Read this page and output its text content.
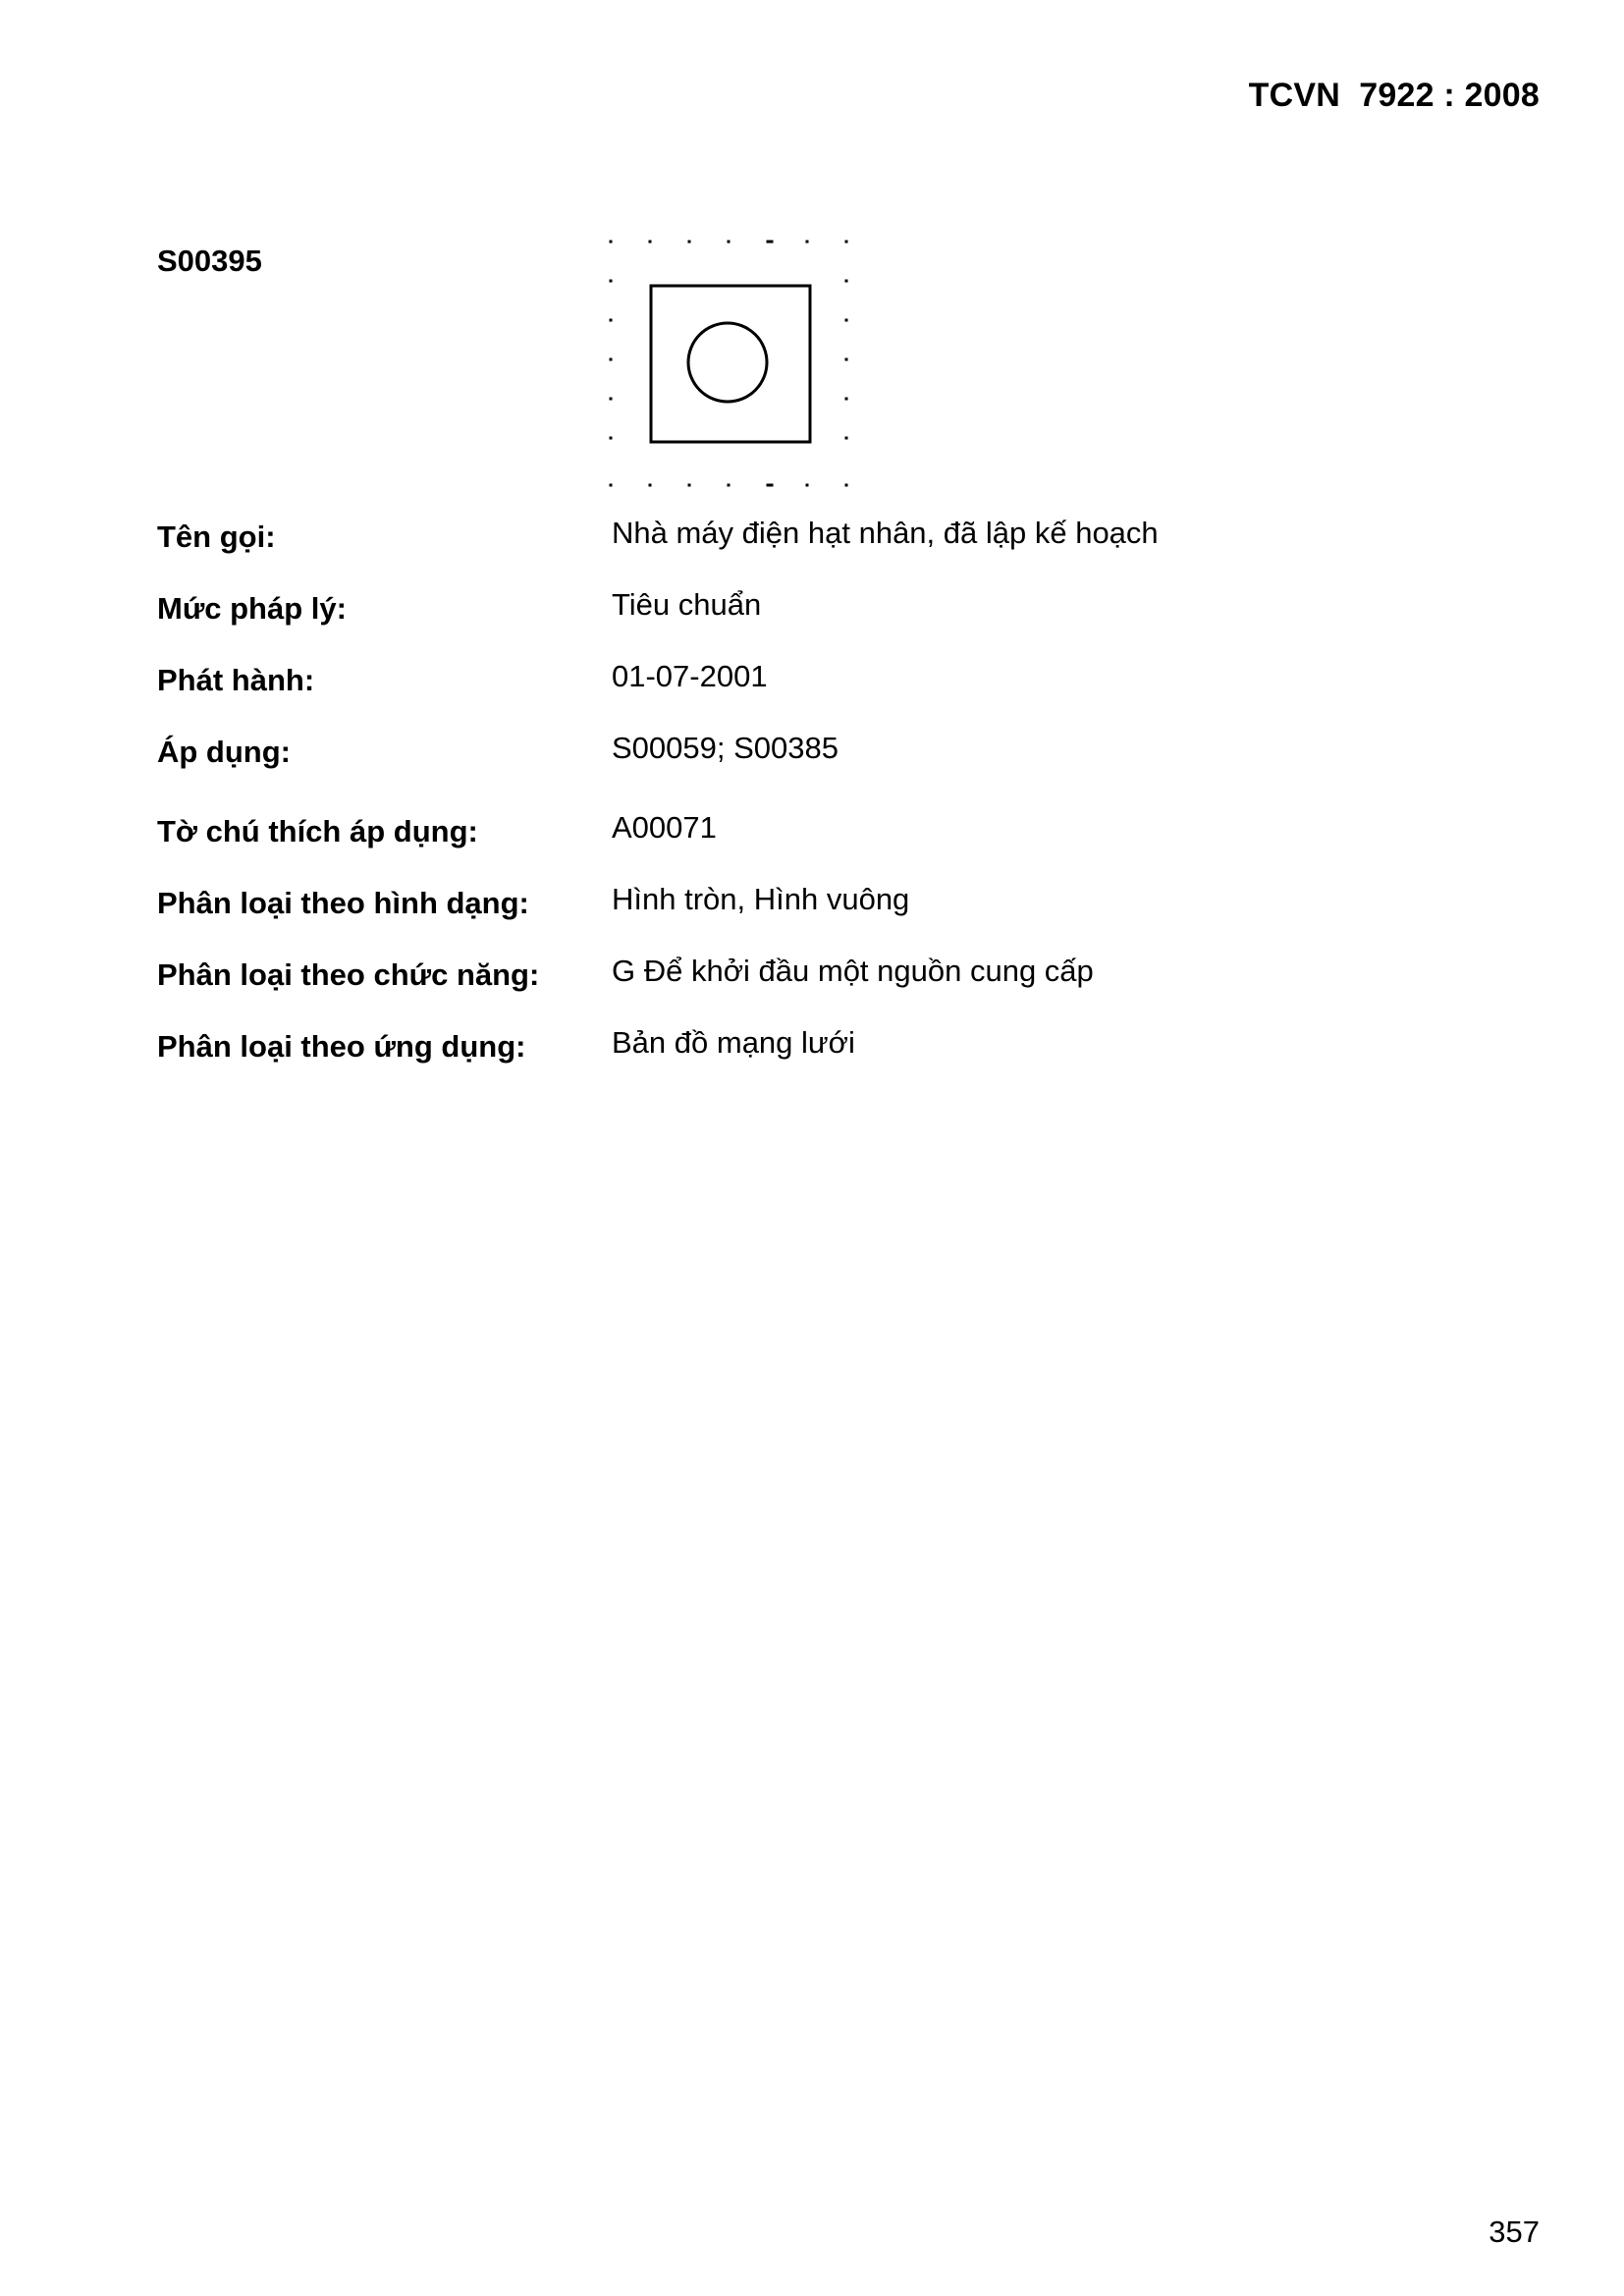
TCVN  7922 : 2008
S00395
Tên gọi:	Nhà máy điện hạt nhân, đã lập kế hoạch
Mức pháp lý:	Tiêu chuẩn
Phát hành:	01-07-2001
Áp dụng:	S00059; S00385
Tờ chú thích áp dụng:	A00071
Phân loại theo hình dạng:	Hình tròn, Hình vuông
Phân loại theo chức năng: G Để khởi đầu một nguồn cung cấp
Phân loại theo ứng dụng:	Bản đồ mạng lưới
357
